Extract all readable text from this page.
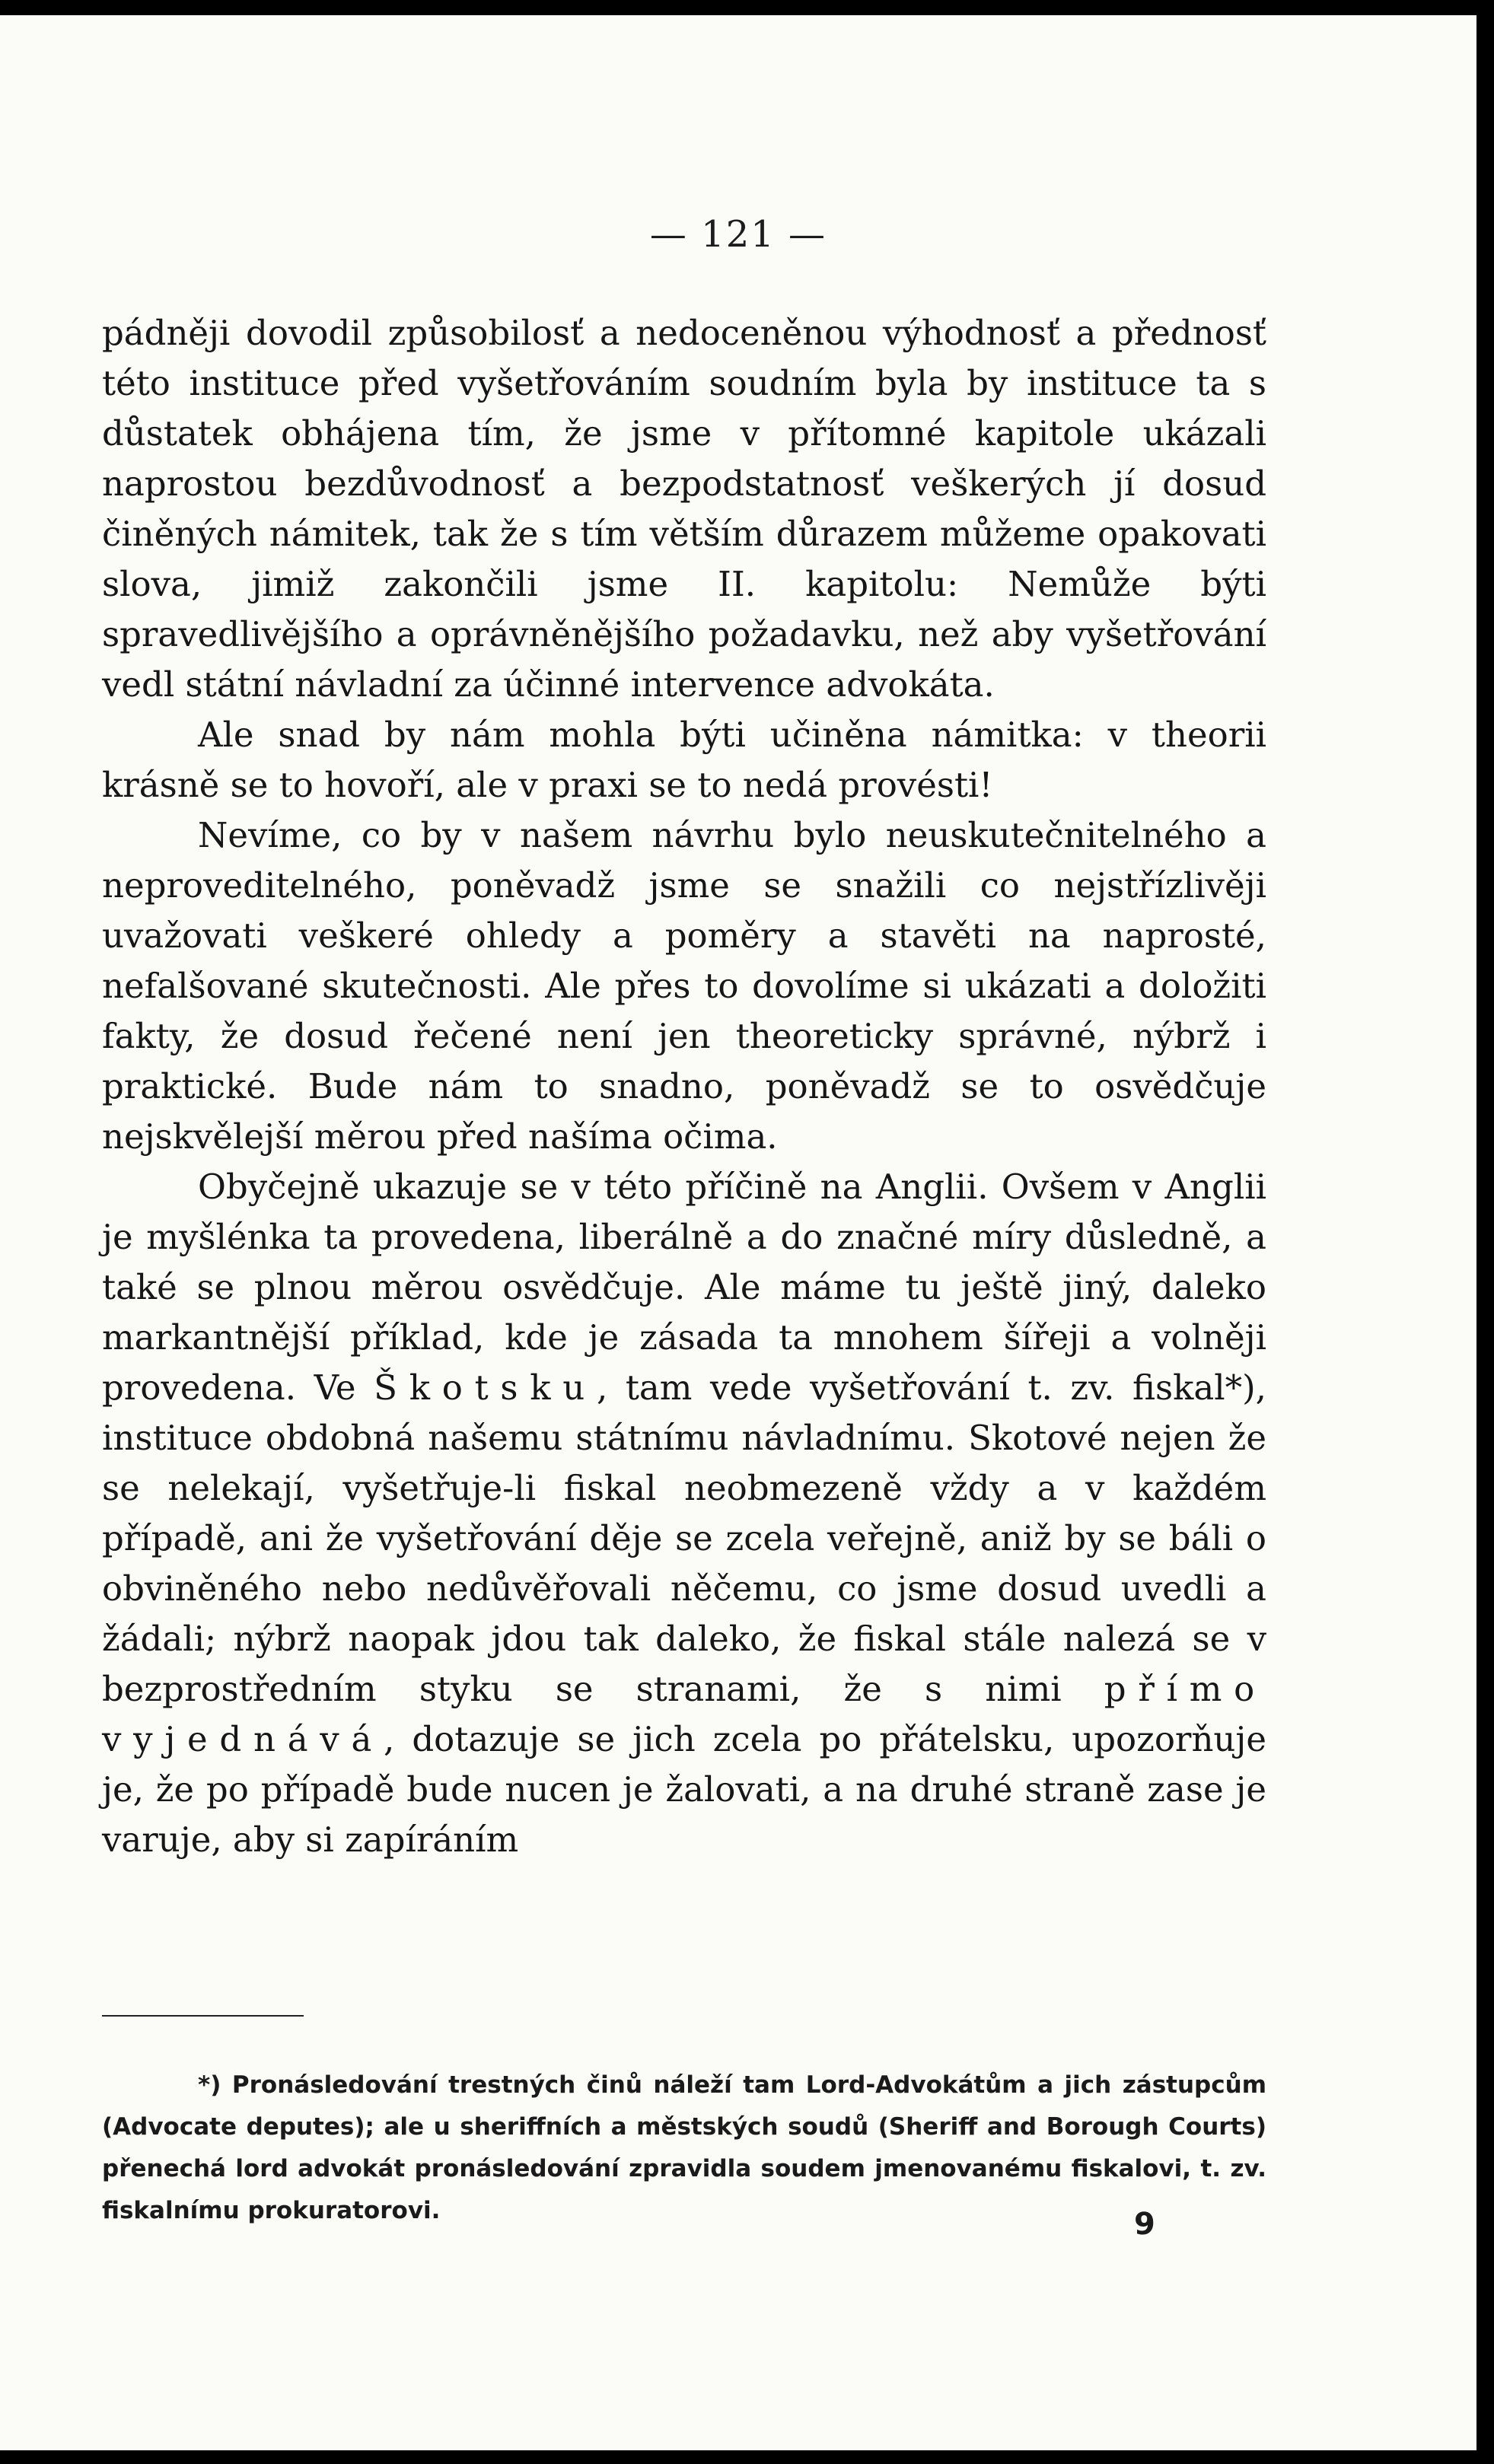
— 121 —

pádněji dovodil způsobilosť a nedoceněnou výhodnosť a přednosť této instituce před vyšetřováním soudním byla by instituce ta s důstatek obhájena tím, že jsme v přítomné kapitole ukázali naprostou bezdůvodnosť a bezpodstatnosť veškerých jí dosud činěných námitek, tak že s tím větším důrazem můžeme opakovati slova, jimiž zakončili jsme II. kapitolu: Nemůže býti spravedlivějšího a oprávněnějšího požadavku, než aby vyšetřování vedl státní návladní za účinné intervence advokáta.

Ale snad by nám mohla býti učiněna námitka: v theorii krásně se to hovoří, ale v praxi se to nedá provésti!

Nevíme, co by v našem návrhu bylo neuskutečnitelného a neproveditelného, poněvadž jsme se snažili co nejstřízlivěji uvažovati veškeré ohledy a poměry a stavěti na naprosté, nefalšované skutečnosti. Ale přes to dovolíme si ukázati a doložiti fakty, že dosud řečené není jen theoreticky správné, nýbrž i praktické. Bude nám to snadno, poněvadž se to osvědčuje nejskvělejší měrou před našíma očima.

Obyčejně ukazuje se v této příčině na Anglii. Ovšem v Anglii je myšlénka ta provedena, liberálně a do značné míry důsledně, a také se plnou měrou osvědčuje. Ale máme tu ještě jiný, daleko markantnější příklad, kde je zásada ta mnohem šířeji a volněji provedena. Ve Škotsku, tam vede vyšetřování t. zv. fiskal*), instituce obdobná našemu státnímu návladnímu. Skotové nejen že se nelekají, vyšetřuje-li fiskal neobmezeně vždy a v každém případě, ani že vyšetřování děje se zcela veřejně, aniž by se báli o obviněného nebo nedůvěřovali něčemu, co jsme dosud uvedli a žádali; nýbrž naopak jdou tak daleko, že fiskal stále nalezá se v bezprostředním styku se stranami, že s nimi přímo vyjednává, dotazuje se jich zcela po přátelsku, upozorňuje je, že po případě bude nucen je žalovati, a na druhé straně zase je varuje, aby si zapíráním

*) Pronásledování trestných činů náleží tam Lord-Advokátům a jich zástupcům (Advocate deputes); ale u sheriffních a městských soudů (Sheriff and Borough Courts) přenechá lord advokát pronásledování zpravidla soudem jmenovanému fiskalovi, t. zv. fiskalnímu prokuratorovi.	9
